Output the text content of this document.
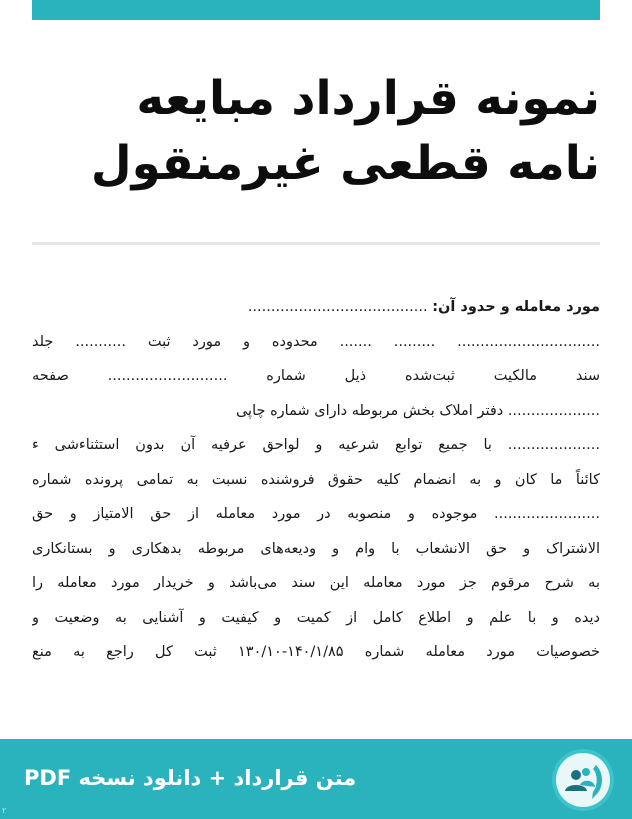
نمونه قرارداد مبایعه
نامه قطعی غیرمنقول
مورد معامله و حدود آن: .......................................
............................... ......... ....... محدوده و مورد ثبت ........... جلد
سند مالکیت ثبت‌شده ذیل شماره .......................... صفحه
.................... دفتر املاک بخش مربوطه دارای شماره چاپی
.................... با جمیع توابع شرعیه و لواحق عرفیه آن بدون استثناءشی ء
کائناً ما کان و به انضمام کلیه حقوق فروشنده نسبت به تمامی پرونده شماره
....................... موجوده و منصوبه در مورد معامله از حق الامتیاز و حق
الاشتراک و حق الانشعاب با وام و ودیعه‌های مربوطه بدهکاری و بستانکاری
به شرح مرقوم جز مورد معامله این سند می‌باشد و خریدار مورد معامله را
دیده و با علم و اطلاع کامل از کمیت و کیفیت و آشنایی به وضعیت و
خصوصیات مورد معامله شماره ۱۴۰/۱/۸۵-۱۳۰/۱۰ ثبت کل راجع به منع
متن قرارداد + دانلود نسخه PDF
۲
